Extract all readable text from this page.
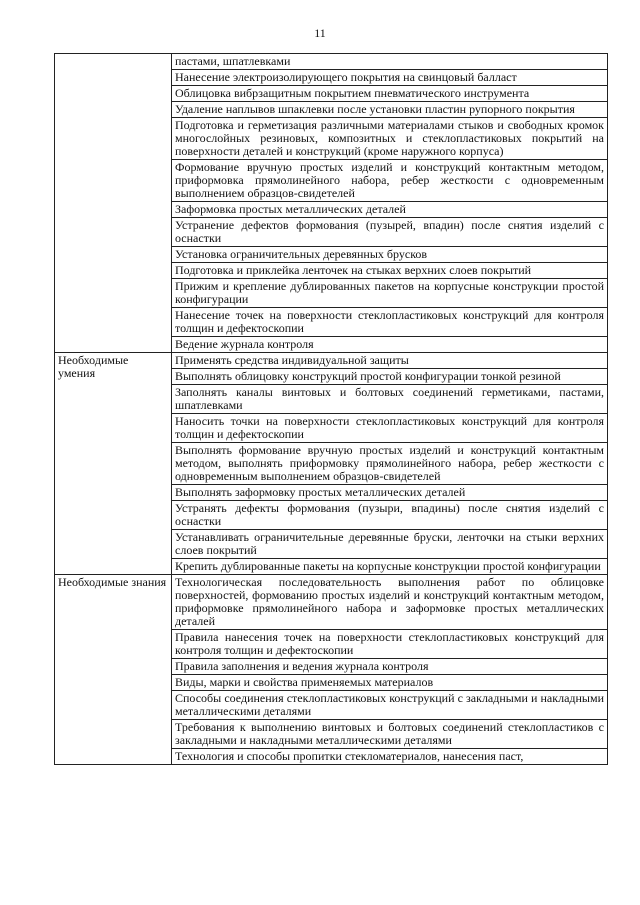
11
	пастами, шпатлевками
	Нанесение электроизолирующего покрытия на свинцовый балласт
	Облицовка вибрзащитным покрытием пневматического инструмента
	Удаление наплывов шпаклевки после установки пластин рупорного покрытия
	Подготовка и герметизация различными материалами стыков и свободных кромок многослойных резиновых, композитных и стеклопластиковых покрытий на поверхности деталей и конструкций (кроме наружного корпуса)
	Формование вручную простых изделий и конструкций контактным методом, приформовка прямолинейного набора, ребер жесткости с одновременным выполнением образцов-свидетелей
	Заформовка простых металлических деталей
	Устранение дефектов формования (пузырей, впадин) после снятия изделий с оснастки
	Установка ограничительных деревянных брусков
	Подготовка и приклейка ленточек на стыках верхних слоев покрытий
	Прижим и крепление дублированных пакетов на корпусные конструкции простой конфигурации
	Нанесение точек на поверхности стеклопластиковых конструкций для контроля толщин и дефектоскопии
	Ведение журнала контроля
Необходимые умения	Применять средства индивидуальной защиты
	Выполнять облицовку конструкций простой конфигурации тонкой резиной
	Заполнять каналы винтовых и болтовых соединений герметиками, пастами, шпатлевками
	Наносить точки на поверхности стеклопластиковых конструкций для контроля толщин и дефектоскопии
	Выполнять формование вручную простых изделий и конструкций контактным методом, выполнять приформовку прямолинейного набора, ребер жесткости с одновременным выполнением образцов-свидетелей
	Выполнять заформовку простых металлических деталей
	Устранять дефекты формования (пузыри, впадины) после снятия изделий с оснастки
	Устанавливать ограничительные деревянные бруски, ленточки на стыки верхних слоев покрытий
	Крепить дублированные пакеты на корпусные конструкции простой конфигурации
Необходимые знания	Технологическая последовательность выполнения работ по облицовке поверхностей, формованию простых изделий и конструкций контактным методом, приформовке прямолинейного набора и заформовке простых металлических деталей
	Правила нанесения точек на поверхности стеклопластиковых конструкций для контроля толщин и дефектоскопии
	Правила заполнения и ведения журнала контроля
	Виды, марки и свойства применяемых материалов
	Способы соединения стеклопластиковых конструкций с закладными и накладными металлическими деталями
	Требования к выполнению винтовых и болтовых соединений стеклопластиков с закладными и накладными металлическими деталями
	Технология и способы пропитки стекломатериалов, нанесения паст,
